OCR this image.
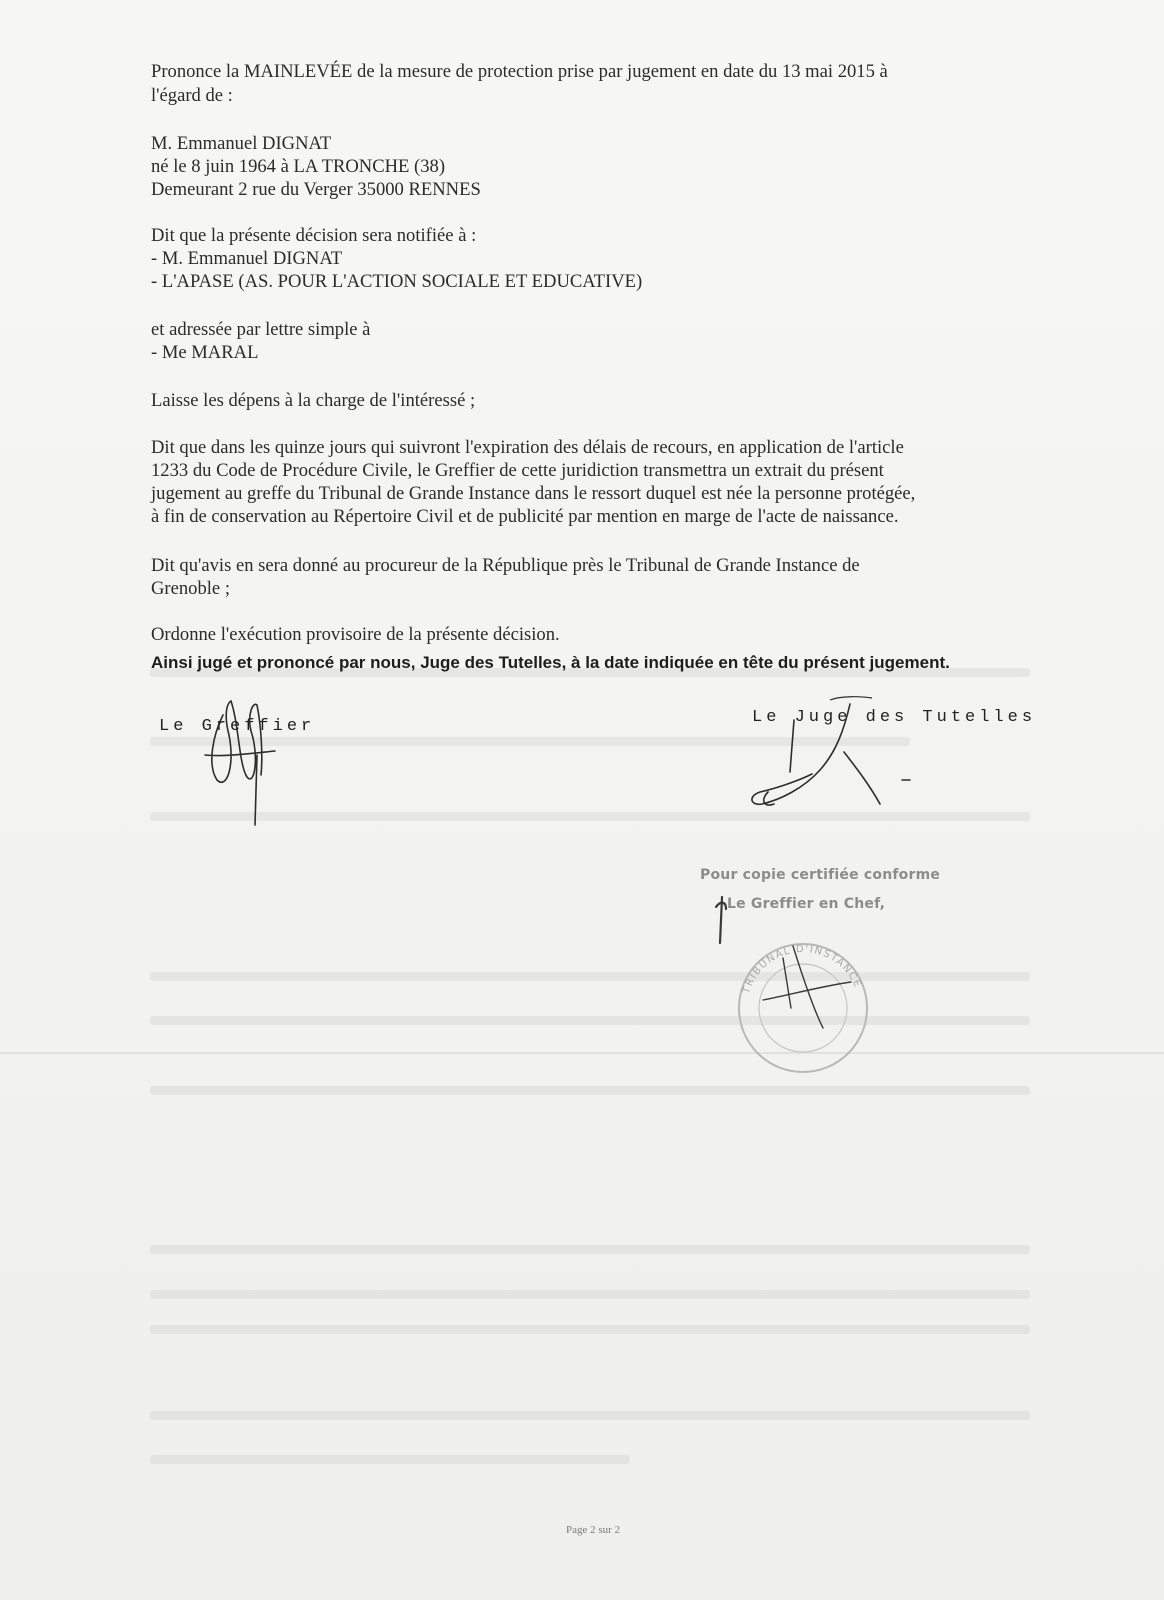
Prononce la MAINLEVÉE de la mesure de protection prise par jugement en date du 13 mai 2015 à

l'égard de :

M. Emmanuel DIGNAT

né le 8 juin 1964 à LA TRONCHE (38)

Demeurant 2 rue du Verger 35000 RENNES

Dit que la présente décision sera notifiée à :

- M. Emmanuel DIGNAT

- L'APASE (AS. POUR L'ACTION SOCIALE ET EDUCATIVE)

et adressée par lettre simple à

- Me MARAL

Laisse les dépens à la charge de l'intéressé ;

Dit que dans les quinze jours qui suivront l'expiration des délais de recours, en application de l'article

1233 du Code de Procédure Civile, le Greffier de cette juridiction transmettra un extrait du présent

jugement au greffe du Tribunal de Grande Instance dans le ressort duquel est née la personne protégée,

à fin de conservation au Répertoire Civil et de publicité par mention en marge de l'acte de naissance.

Dit qu'avis en sera donné au procureur de la République près le Tribunal de Grande Instance de

Grenoble ;

Ordonne l'exécution provisoire de la présente décision.

Ainsi jugé et prononcé par nous, Juge des Tutelles, à la date indiquée en tête du présent jugement.

Le Greffier	Le Juge des Tutelles
Pour copie certifiée conforme
Le Greffier en Chef,
TRIBUNAL D'INSTANCE
Page 2 sur 2
